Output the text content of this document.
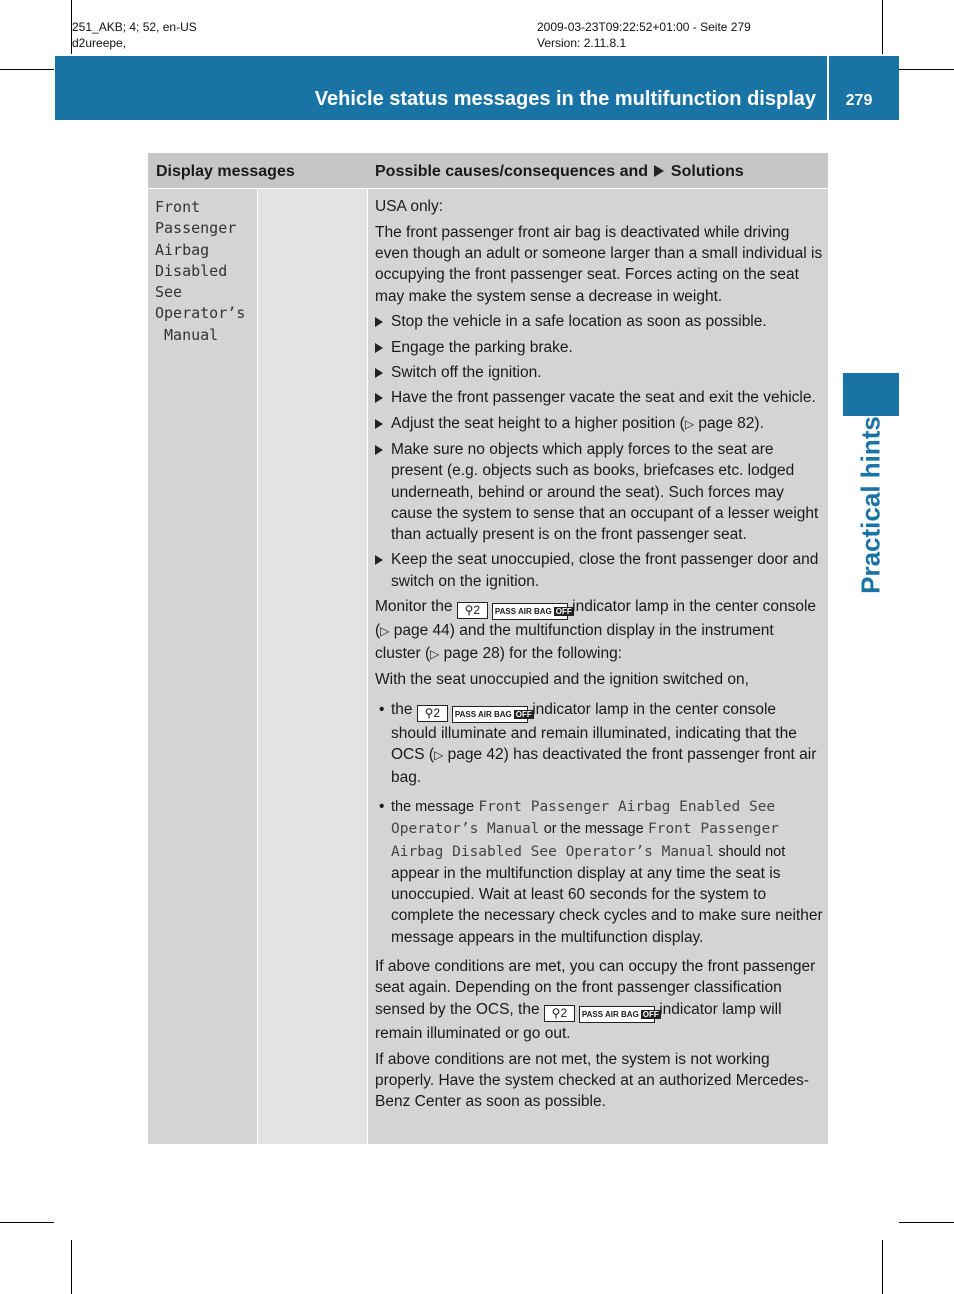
251_AKB; 4; 52, en-US
d2ureepe,
2009-03-23T09:22:52+01:00 - Seite 279
Version: 2.11.8.1
Vehicle status messages in the multifunction display	279
Practical hints
Display messages	Possible causes/consequences and Solutions
Front
Passenger
Airbag
Disabled
See
Operator’s
Manual

USA only:

The front passenger front air bag is deactivated while driving even though an adult or someone larger than a small individual is occupying the front passenger seat. Forces acting on the seat may make the system sense a decrease in weight.

Stop the vehicle in a safe location as soon as possible.
Engage the parking brake.
Switch off the ignition.
Have the front passenger vacate the seat and exit the vehicle.
Adjust the seat height to a higher position (▷ page 82).
Make sure no objects which apply forces to the seat are present (e.g. objects such as books, briefcases etc. lodged underneath, behind or around the seat). Such forces may cause the system to sense that an occupant of a lesser weight than actually present is on the front passenger seat.
Keep the seat unoccupied, close the front passenger door and switch on the ignition.

Monitor the ⚲2 PASS AIR BAG OFF indicator lamp in the center console (▷ page 44) and the multifunction display in the instrument cluster (▷ page 28) for the following:

With the seat unoccupied and the ignition switched on,

• the ⚲2 PASS AIR BAG OFF indicator lamp in the center console should illuminate and remain illuminated, indicating that the OCS (▷ page 42) has deactivated the front passenger front air bag.
• the message Front Passenger Airbag Enabled See Operator’s Manual or the message Front Passenger Airbag Disabled See Operator’s Manual should not appear in the multifunction display at any time the seat is unoccupied. Wait at least 60 seconds for the system to complete the necessary check cycles and to make sure neither message appears in the multifunction display.

If above conditions are met, you can occupy the front passenger seat again. Depending on the front passenger classification sensed by the OCS, the ⚲2 PASS AIR BAG OFF indicator lamp will remain illuminated or go out.

If above conditions are not met, the system is not working properly. Have the system checked at an authorized Mercedes-Benz Center as soon as possible.
